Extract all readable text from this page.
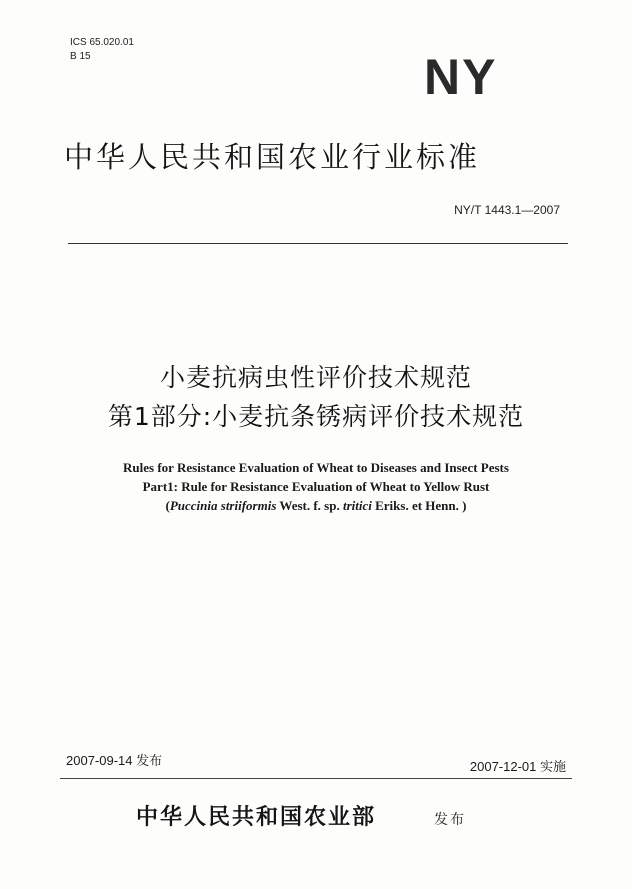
ICS 65.020.01
B 15	NY
中华人民共和国农业行业标准
NY/T 1443.1—2007
小麦抗病虫性评价技术规范
第1部分:小麦抗条锈病评价技术规范
Rules for Resistance Evaluation of Wheat to Diseases and Insect Pests
Part1: Rule for Resistance Evaluation of Wheat to Yellow Rust
(Puccinia striiformis West. f. sp. tritici Eriks. et Henn. )
2007-09-14 发布	2007-12-01 实施
中华人民共和国农业部	发布
